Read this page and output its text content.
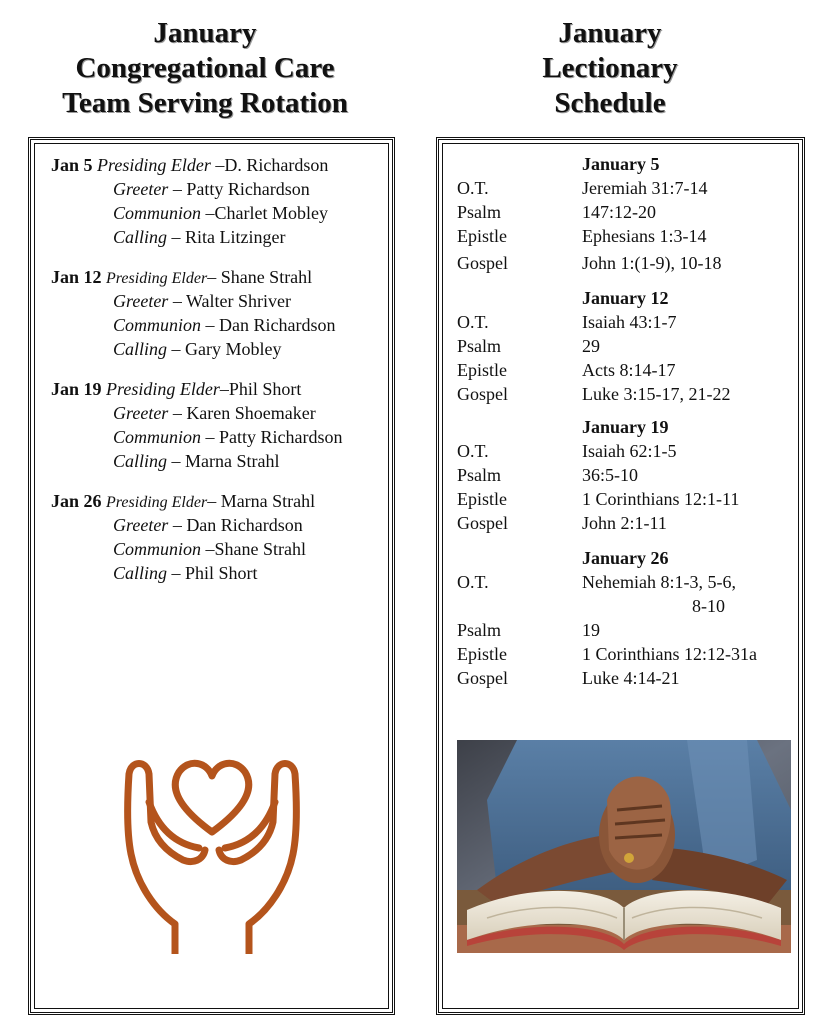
January
Congregational Care
Team Serving Rotation
January
Lectionary
Schedule
Jan 5 Presiding Elder –D. Richardson
Greeter – Patty Richardson
Communion –Charlet Mobley
Calling – Rita Litzinger
Jan 12 Presiding Elder– Shane Strahl
Greeter – Walter Shriver
Communion – Dan Richardson
Calling – Gary Mobley
Jan 19 Presiding Elder–Phil Short
Greeter – Karen Shoemaker
Communion – Patty Richardson
Calling – Marna Strahl
Jan 26 Presiding Elder– Marna Strahl
Greeter – Dan Richardson
Communion –Shane Strahl
Calling – Phil Short
January 5
O.T.	Jeremiah 31:7-14
Psalm	147:12-20
Epistle	Ephesians 1:3-14
Gospel	John 1:(1-9), 10-18
January 12
O.T.	Isaiah 43:1-7
Psalm	29
Epistle	Acts 8:14-17
Gospel	Luke 3:15-17, 21-22
January 19
O.T.	Isaiah 62:1-5
Psalm	36:5-10
Epistle	1 Corinthians 12:1-11
Gospel	John 2:1-11
January 26
O.T.	Nehemiah 8:1-3, 5-6,
8-10
Psalm	19
Epistle	1 Corinthians 12:12-31a
Gospel	Luke 4:14-21
